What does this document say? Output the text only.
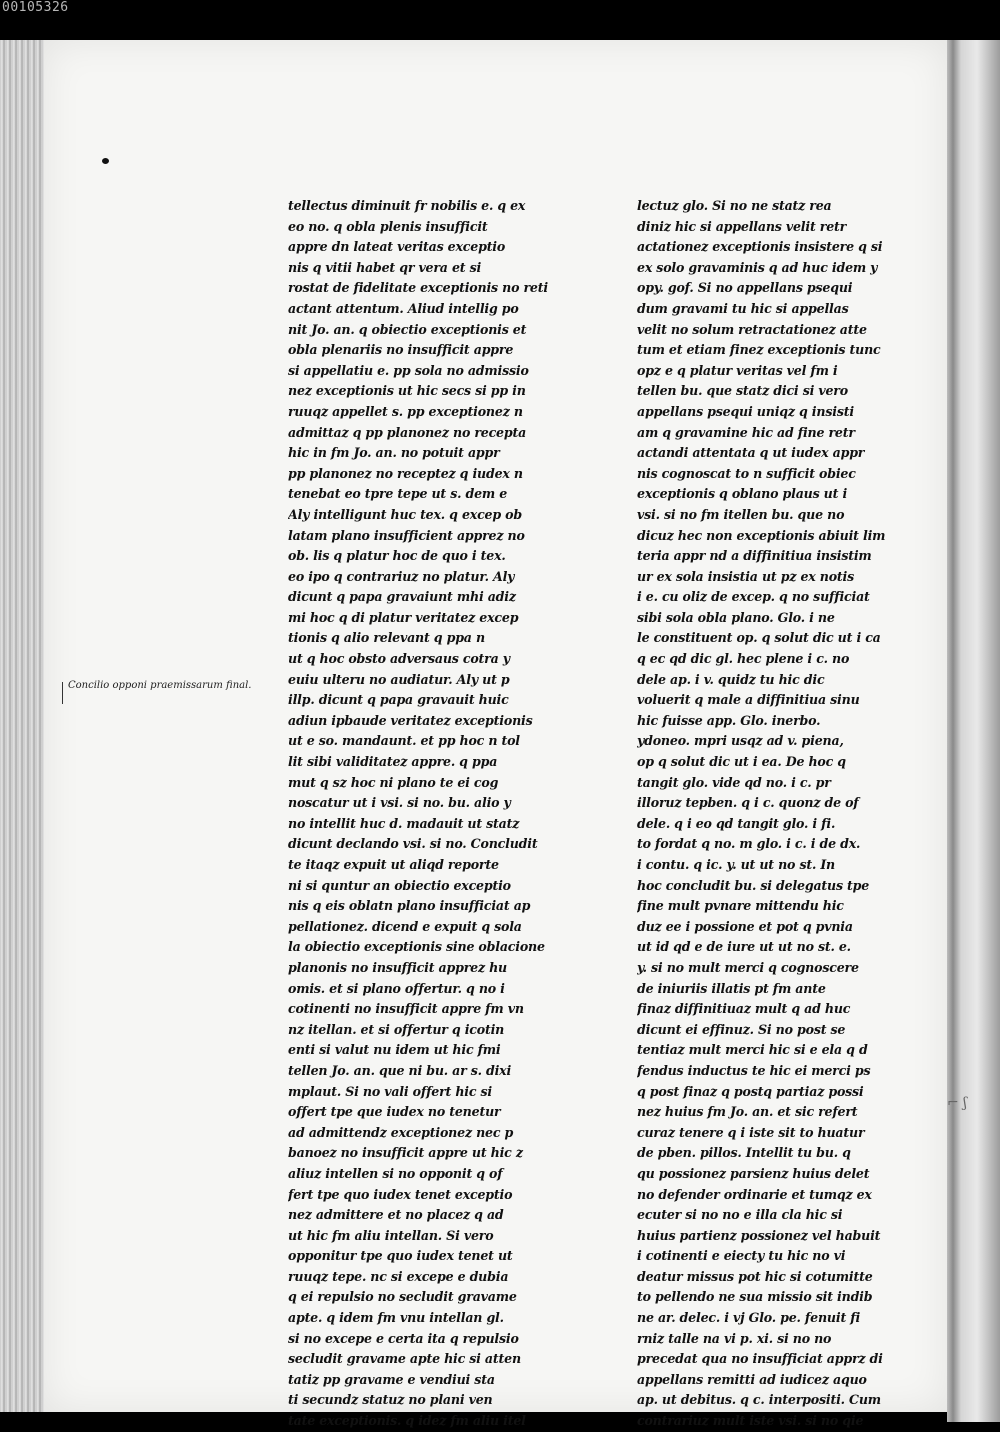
00105326
Concilio opponi praemissarum final.
tellectus diminuit fr nobilis e. q ex
eo no. q obla plenis insufficit
appre dn lateat veritas exceptio
nis q vitii habet qr vera et si
rostat de fidelitate exceptionis no reti
actant attentum. Aliud intellig po
nit Jo. an. q obiectio exceptionis et
obla plenariis no insufficit appre
si appellatiu e. pp sola no admissio
nez exceptionis ut hic secs si pp in
ruuqz appellet s. pp exceptionez n
admittaz q pp planonez no recepta
hic in fm Jo. an. no potuit appr
pp planonez no receptez q iudex n
tenebat eo tpre tepe ut s. dem e
Aly intelligunt huc tex. q excep ob
latam plano insufficient apprez no
ob. lis q platur hoc de quo i tex.
eo ipo q contrariuz no platur. Aly
dicunt q papa gravaiunt mhi adiz
mi hoc q di platur veritatez excep
tionis q alio relevant q ppa n
ut q hoc obsto adversaus cotra y
euiu ulteru no audiatur. Aly ut p
illp. dicunt q papa gravauit huic
adiun ipbaude veritatez exceptionis
ut e so. mandaunt. et pp hoc n tol
lit sibi validitatez appre. q ppa
mut q sz hoc ni plano te ei cog
noscatur ut i vsi. si no. bu. alio y
no intellit huc d. madauit ut statz
dicunt declando vsi. si no. Concludit
te itaqz expuit ut aliqd reporte
ni si quntur an obiectio exceptio
nis q eis oblatn plano insufficiat ap
pellationez. dicend e expuit q sola
la obiectio exceptionis sine oblacione
planonis no insufficit apprez hu
omis. et si plano offertur. q no i
cotinenti no insufficit appre fm vn
nz itellan. et si offertur q icotin
enti si valut nu idem ut hic fmi
tellen Jo. an. que ni bu. ar s. dixi
mplaut. Si no vali offert hic si
offert tpe que iudex no tenetur
ad admittendz exceptionez nec p
banoez no insufficit appre ut hic z
aliuz intellen si no opponit q of
fert tpe quo iudex tenet exceptio
nez admittere et no placez q ad
ut hic fm aliu intellan. Si vero
opponitur tpe quo iudex tenet ut
ruuqz tepe. nc si excepe e dubia
q ei repulsio no secludit gravame
apte. q idem fm vnu intellan gl.
si no excepe e certa ita q repulsio
secludit gravame apte hic si atten
tatiz pp gravame e vendiui sta
ti secundz statuz no plani ven
tate exceptionis. q idez fm aliu itel
lectuz glo. Si no ne statz rea
diniz hic si appellans velit retr
actationez exceptionis insistere q si
ex solo gravaminis q ad huc idem y
opy. gof. Si no appellans psequi
dum gravami tu hic si appellas
velit no solum retractationez atte
tum et etiam finez exceptionis tunc
opz e q platur veritas vel fm i
tellen bu. que statz dici si vero
appellans psequi uniqz q insisti
am q gravamine hic ad fine retr
actandi attentata q ut iudex appr
nis cognoscat to n sufficit obiec
exceptionis q oblano plaus ut i
vsi. si no fm itellen bu. que no
dicuz hec non exceptionis abiuit lim
teria appr nd a diffinitiua insistim
ur ex sola insistia ut pz ex notis
i e. cu oliz de excep. q no sufficiat
sibi sola obla plano. Glo. i ne
le constituent op. q solut dic ut i ca
q ec qd dic gl. hec plene i c. no
dele ap. i v. quidz tu hic dic
voluerit q male a diffinitiua sinu
hic fuisse app. Glo. inerbo.
ydoneo. mpri usqz ad v. piena,
op q solut dic ut i ea. De hoc q
tangit glo. vide qd no. i c. pr
illoruz tepben. q i c. quonz de of
dele. q i eo qd tangit glo. i fi.
to fordat q no. m glo. i c. i de dx.
i contu. q ic. y. ut ut no st. In
hoc concludit bu. si delegatus tpe
fine mult pvnare mittendu hic
duz ee i possione et pot q pvnia
ut id qd e de iure ut ut no st. e.
y. si no mult merci q cognoscere
de iniuriis illatis pt fm ante
finaz diffinitiuaz mult q ad huc
dicunt ei effinuz. Si no post se
tentiaz mult merci hic si e ela q d
fendus inductus te hic ei merci ps
q post finaz q postq partiaz possi
nez huius fm Jo. an. et sic refert
curaz tenere q i iste sit to huatur
de pben. pillos. Intellit tu bu. q
qu possionez parsienz huius delet
no defender ordinarie et tumqz ex
ecuter si no no e illa cla hic si
huius partienz possionez vel habuit
i cotinenti e eiecty tu hic no vi
deatur missus pot hic si cotumitte
to pellendo ne sua missio sit indib
ne ar. delec. i vj Glo. pe. fenuit fi
rniz talle na vi p. xi. si no no
precedat qua no insufficiat apprz di
appellans remitti ad iudicez aquo
ap. ut debitus. q c. interpositi. Cum
contrariuz mult iste vsi. si no qie
⌐ ʃ
